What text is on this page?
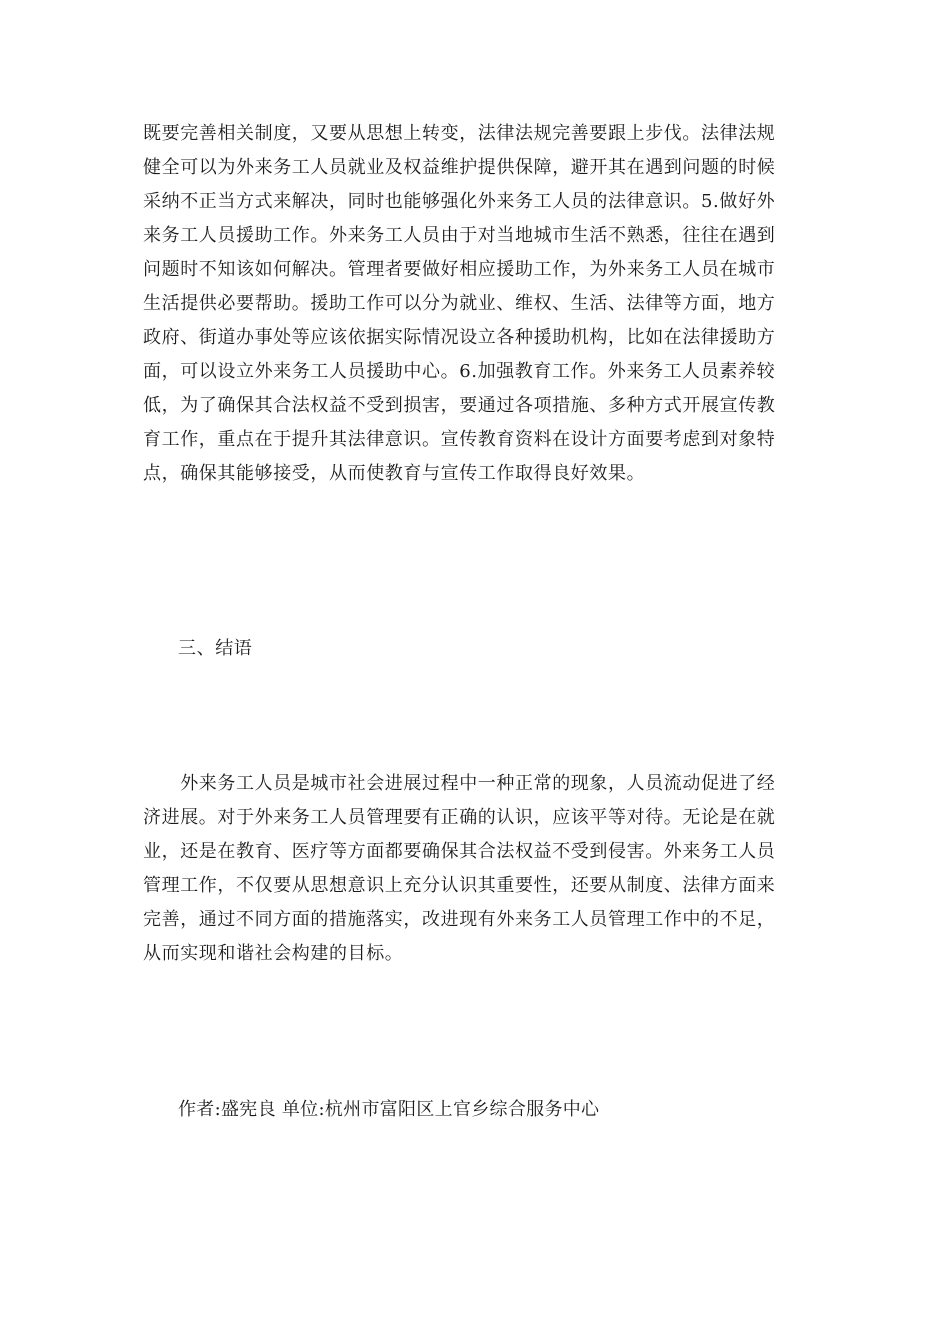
既要完善相关制度，又要从思想上转变，法律法规完善要跟上步伐。法律法规
健全可以为外来务工人员就业及权益维护提供保障，避开其在遇到问题的时候
采纳不正当方式来解决，同时也能够强化外来务工人员的法律意识。5.做好外
来务工人员援助工作。外来务工人员由于对当地城市生活不熟悉，往往在遇到
问题时不知该如何解决。管理者要做好相应援助工作，为外来务工人员在城市
生活提供必要帮助。援助工作可以分为就业、维权、生活、法律等方面，地方
政府、街道办事处等应该依据实际情况设立各种援助机构，比如在法律援助方
面，可以设立外来务工人员援助中心。6.加强教育工作。外来务工人员素养较
低，为了确保其合法权益不受到损害，要通过各项措施、多种方式开展宣传教
育工作，重点在于提升其法律意识。宣传教育资料在设计方面要考虑到对象特
点，确保其能够接受，从而使教育与宣传工作取得良好效果。
三、结语
　　外来务工人员是城市社会进展过程中一种正常的现象，人员流动促进了经
济进展。对于外来务工人员管理要有正确的认识，应该平等对待。无论是在就
业，还是在教育、医疗等方面都要确保其合法权益不受到侵害。外来务工人员
管理工作，不仅要从思想意识上充分认识其重要性，还要从制度、法律方面来
完善，通过不同方面的措施落实，改进现有外来务工人员管理工作中的不足，
从而实现和谐社会构建的目标。

作者:盛宪良 单位:杭州市富阳区上官乡综合服务中心
